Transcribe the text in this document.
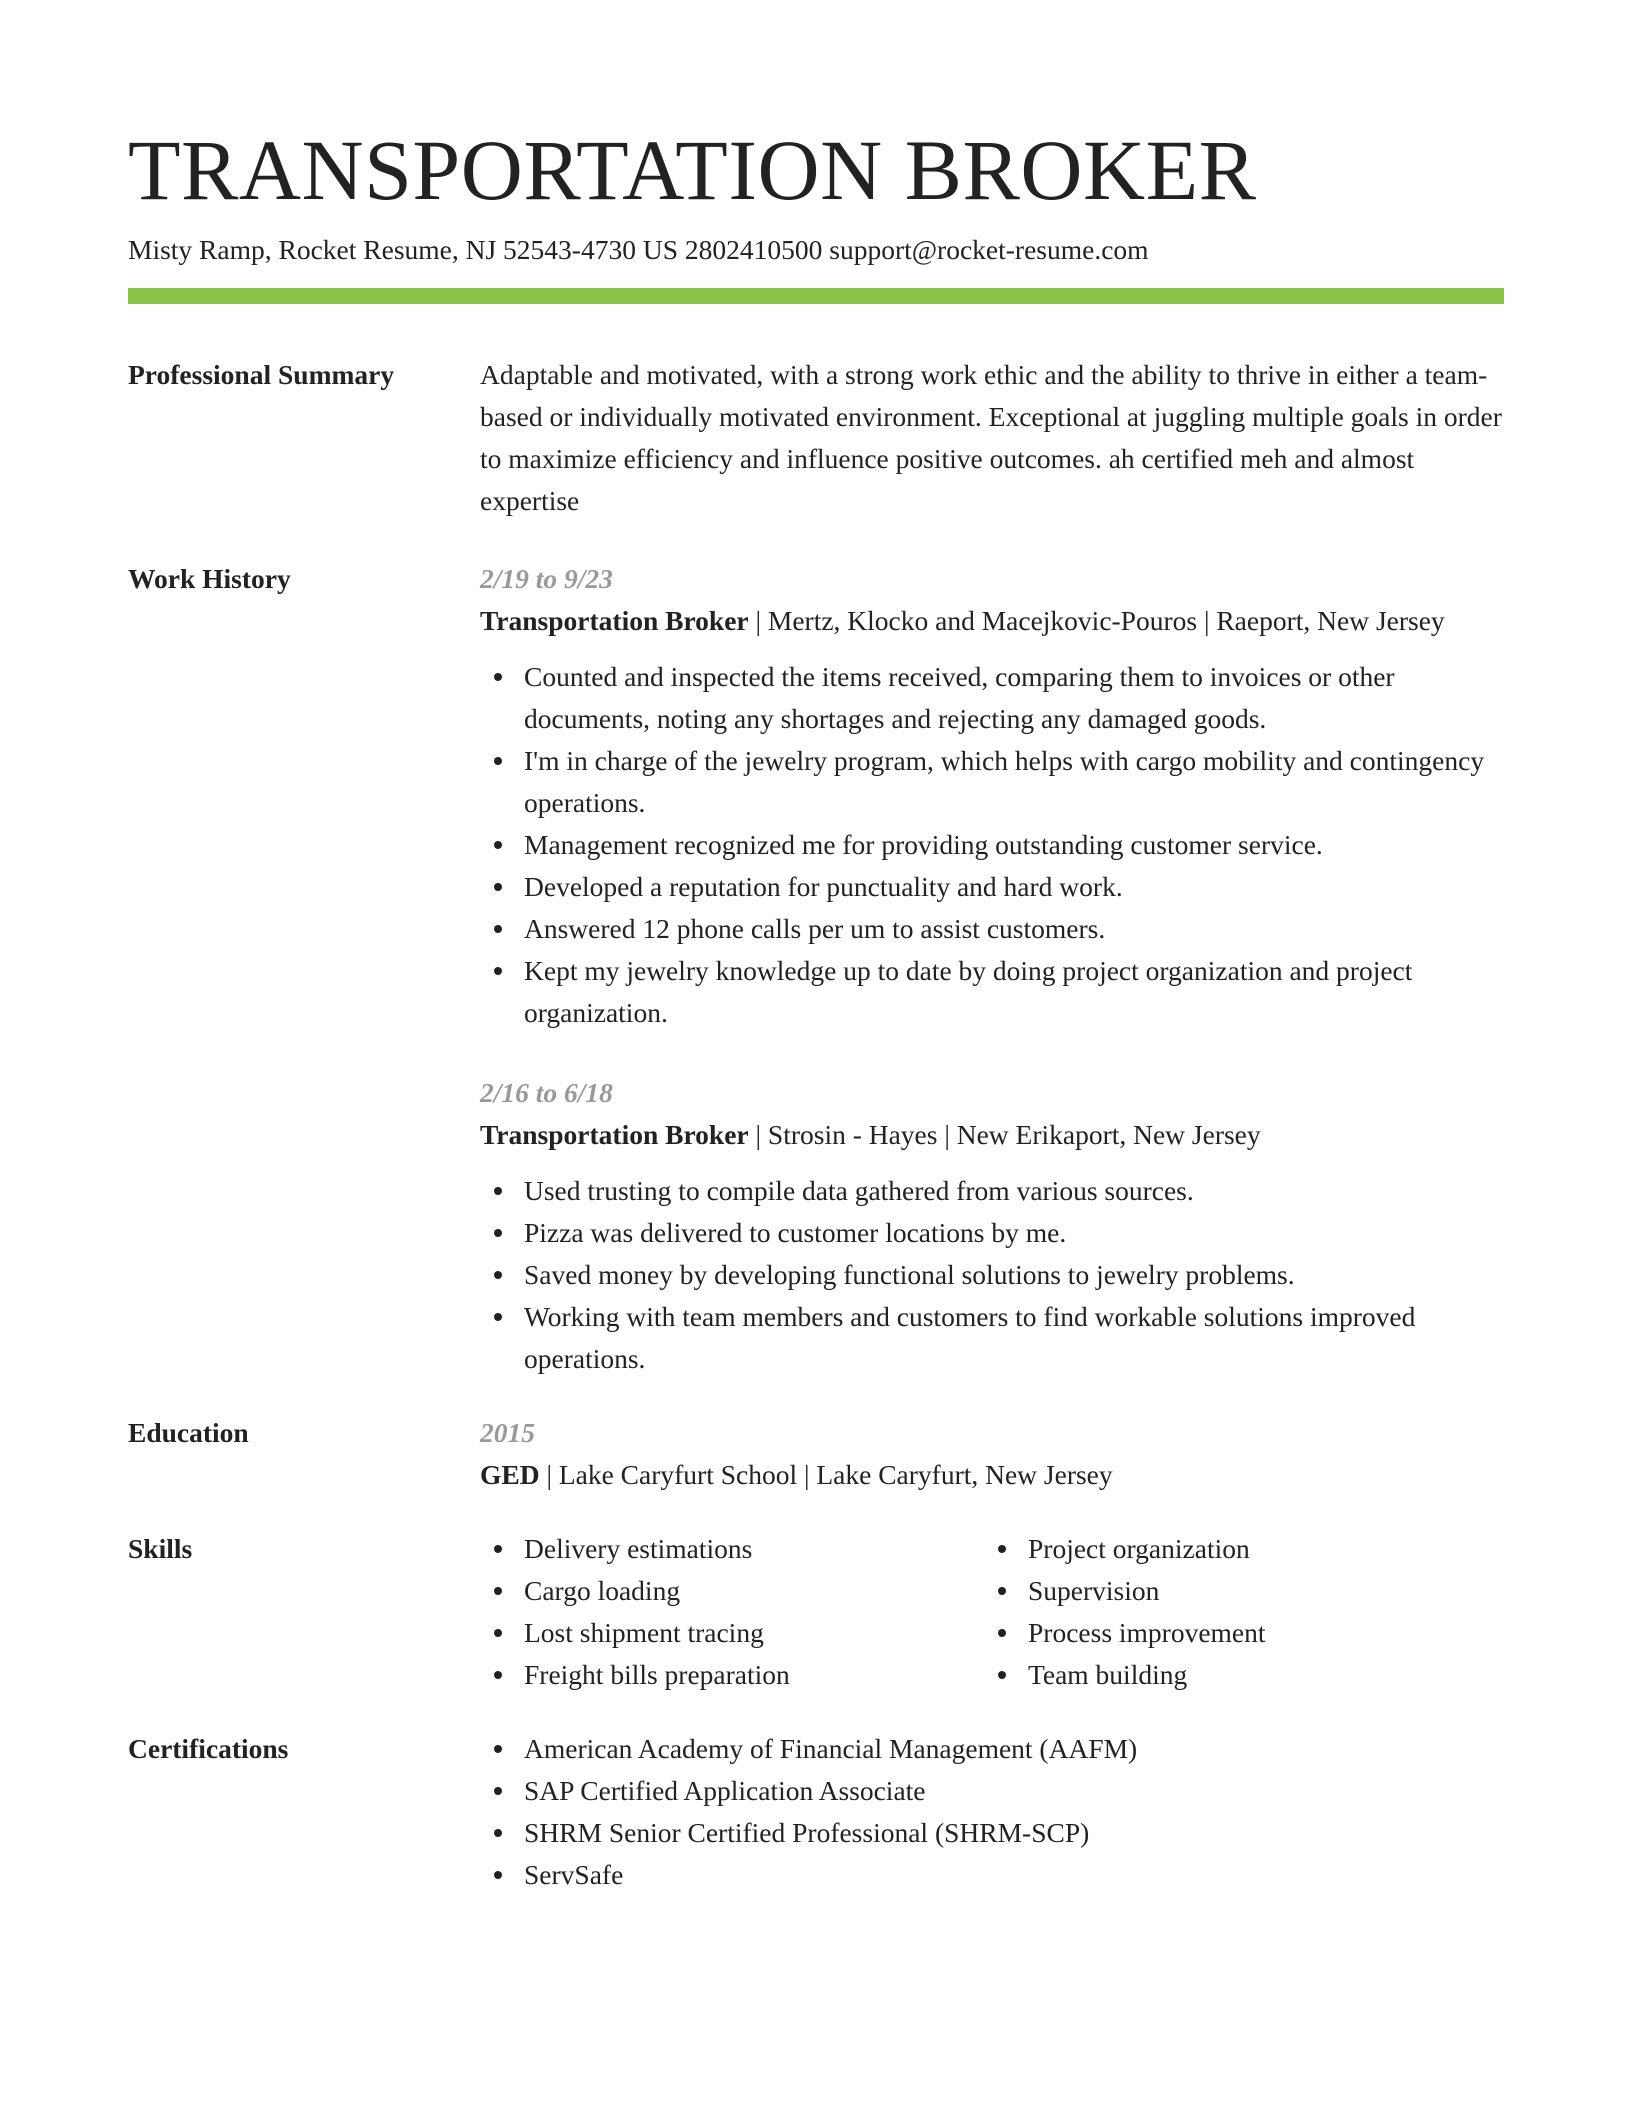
TRANSPORTATION BROKER
Misty Ramp, Rocket Resume, NJ 52543-4730 US 2802410500 support@rocket-resume.com
Professional Summary	Adaptable and motivated, with a strong work ethic and the ability to thrive in either a team-based or individually motivated environment. Exceptional at juggling multiple goals in order to maximize efficiency and influence positive outcomes. ah certified meh and almost expertise
Work History	2/19 to 9/23
Transportation Broker | Mertz, Klocko and Macejkovic-Pouros | Raeport, New Jersey
Counted and inspected the items received, comparing them to invoices or other documents, noting any shortages and rejecting any damaged goods.
I'm in charge of the jewelry program, which helps with cargo mobility and contingency operations.
Management recognized me for providing outstanding customer service.
Developed a reputation for punctuality and hard work.
Answered 12 phone calls per um to assist customers.
Kept my jewelry knowledge up to date by doing project organization and project organization.
2/16 to 6/18
Transportation Broker | Strosin - Hayes | New Erikaport, New Jersey
Used trusting to compile data gathered from various sources.
Pizza was delivered to customer locations by me.
Saved money by developing functional solutions to jewelry problems.
Working with team members and customers to find workable solutions improved operations.
Education	2015
GED | Lake Caryfurt School | Lake Caryfurt, New Jersey
Skills	Delivery estimations
Cargo loading
Lost shipment tracing
Freight bills preparation
Project organization
Supervision
Process improvement
Team building
Certifications	American Academy of Financial Management (AAFM)
SAP Certified Application Associate
SHRM Senior Certified Professional (SHRM-SCP)
ServSafe
